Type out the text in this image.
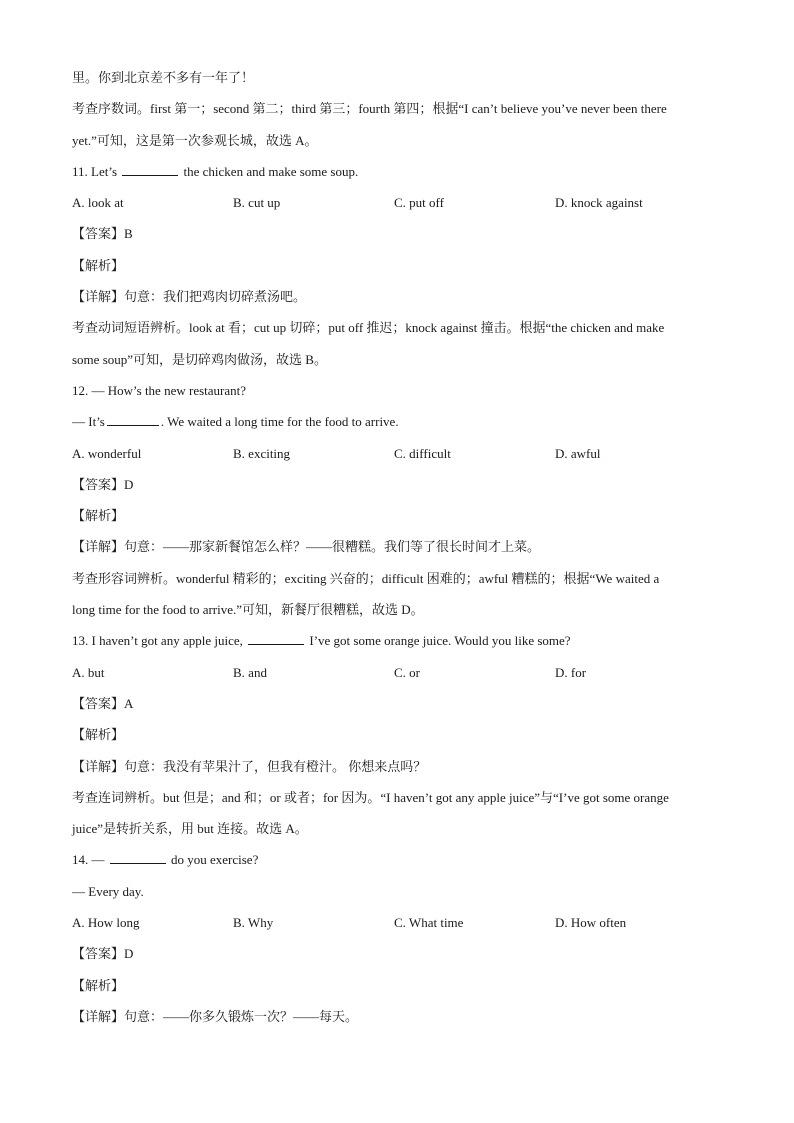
里。你到北京差不多有一年了！
考查序数词。first 第一；second 第二；third 第三；fourth 第四；根据“I can’t believe you’ve never been there
yet.”可知，这是第一次参观长城，故选 A。
11. Let’s	the chicken and make some soup.
A. look at	B. cut up	C. put off	D. knock against
【答案】B
【解析】
【详解】句意：我们把鸡肉切碎煮汤吧。
考查动词短语辨析。look at 看；cut up 切碎；put off 推迟；knock against 撞击。根据“the chicken and make
some soup”可知，是切碎鸡肉做汤，故选 B。
12. — How’s the new restaurant?
— It’s	. We waited a long time for the food to arrive.
A. wonderful	B. exciting	C. difficult	D. awful
【答案】D
【解析】
【详解】句意：——那家新餐馆怎么样？——很糟糕。我们等了很长时间才上菜。
考查形容词辨析。wonderful 精彩的；exciting 兴奋的；difficult 困难的；awful 糟糕的；根据“We waited a
long time for the food to arrive.”可知，新餐厅很糟糕，故选 D。
13. I haven’t got any apple juice,	I’ve got some orange juice. Would you like some?
A. but	B. and	C. or	D. for
【答案】A
【解析】
【详解】句意：我没有苹果汁了，但我有橙汁。 你想来点吗？
考查连词辨析。but 但是；and 和；or 或者；for 因为。“I haven’t got any apple juice”与“I’ve got some orange
juice”是转折关系，用 but 连接。故选 A。
14. —	do you exercise?
— Every day.
A. How long	B. Why	C. What time	D. How often
【答案】D
【解析】
【详解】句意：——你多久锻炼一次？——每天。
